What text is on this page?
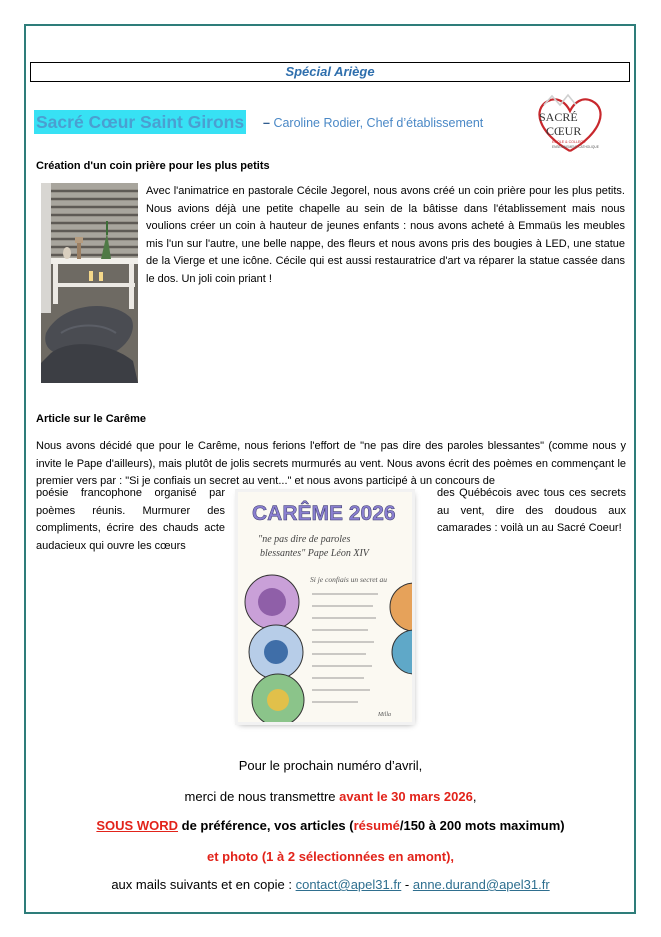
Spécial Ariège
Sacré Cœur Saint Girons – Caroline Rodier, Chef d’établissement	SACRÉ
CŒUR
ECOLE & COLLEGE
ENSEIGNEMENT CATHOLIQUE
Création d'un coin prière pour les plus petits
Avec l'animatrice en pastorale Cécile Jegorel, nous avons créé un coin prière pour les plus petits. Nous avions déjà une petite chapelle au sein de la bâtisse dans l'établissement mais nous voulions créer un coin à hauteur de jeunes enfants : nous avons acheté à Emmaüs les meubles mis l'un sur l'autre, une belle nappe, des fleurs et nous avons pris des bougies à LED, une statue de la Vierge et une icône. Cécile qui est aussi restauratrice d'art va réparer la statue cassée dans le dos. Un joli coin priant !
Article sur le Carême
Nous avons décidé que pour le Carême, nous ferions l'effort de "ne pas dire des paroles blessantes" (comme nous y invite le Pape d'ailleurs), mais plutôt de jolis secrets murmurés au vent. Nous avons écrit des poèmes en commençant le premier vers par : "Si je confiais un secret au vent..." et nous avons participé à un concours de
poésie francophone organisé par poèmes réunis. Murmurer des compliments, écrire des chauds acte audacieux qui ouvre les cœurs
des Québécois avec tous ces secrets au vent, dire des doudous aux camarades : voilà un au Sacré Coeur!
CARÊME 2026
"ne pas dire de paroles
blessantes" Pape Léon XIV
Si je confiais un secret au
Milla
Pour le prochain numéro d’avril,
merci de nous transmettre avant le 30 mars 2026,
SOUS WORD de préférence, vos articles (résumé/150 à 200 mots maximum)
et photo (1 à 2 sélectionnées en amont),
aux mails suivants et en copie : contact@apel31.fr - anne.durand@apel31.fr
